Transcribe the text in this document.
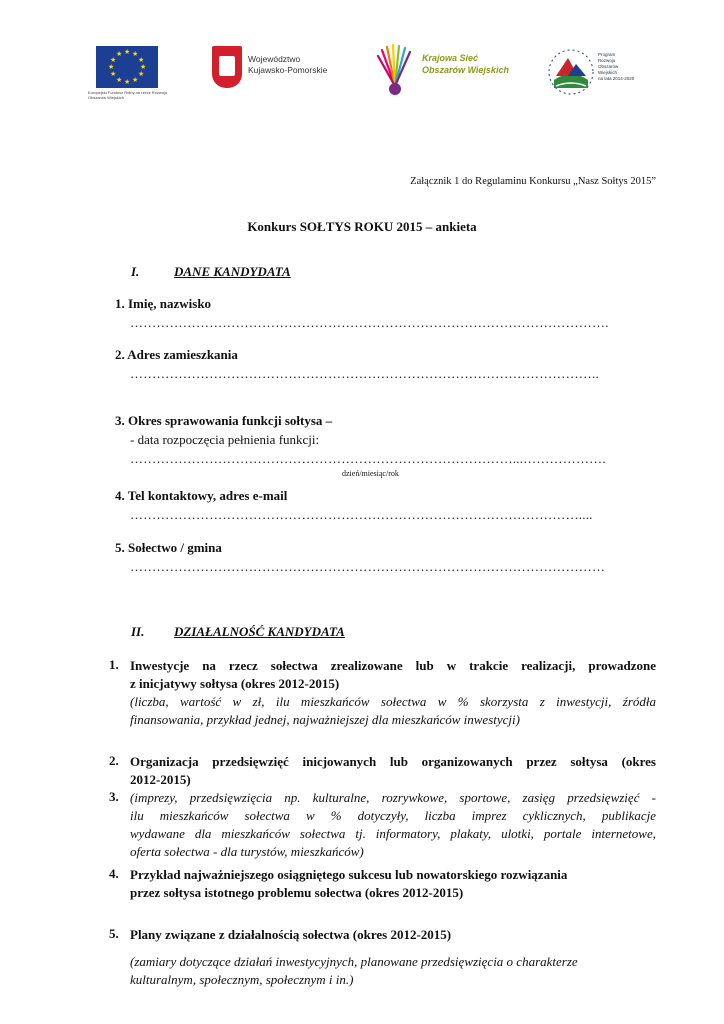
★ ★
★
★
★
★
★
★
★
★
★
★
Europejski Fundusz Rolny na rzecz Rozwoju Obszarów Wiejskich
Województwo
Kujawsko-Pomorskie
Krajowa Sieć
Obszarów Wiejskich
Program
Rozwoju
Obszarów
Wiejskich
na lata 2014-2020
Załącznik 1 do Regulaminu Konkursu „Nasz Sołtys 2015”
Konkurs SOŁTYS ROKU 2015 – ankieta
I.	DANE KANDYDATA
1. Imię, nazwisko
……………………………………………………………………………………………….
2. Adres zamieszkania
……………………………………………………………………………………………..
3. Okres sprawowania funkcji sołtysa –
- data rozpoczęcia pełnienia funkcji:
……………………………………………………………………………...……………….
dzień/miesiąc/rok
4. Tel kontaktowy, adres e-mail
…………………………………………………………………………………………....
5. Sołectwo / gmina
………………………………………………………………………………………………
II. DZIAŁALNOŚĆ KANDYDATA
1. Inwestycje na rzecz sołectwa zrealizowane lub w trakcie realizacji, prowadzone
z inicjatywy sołtysa (okres 2012-2015)
(liczba, wartość w zł, ilu mieszkańców sołectwa w % skorzysta z inwestycji, źródła
finansowania, przykład jednej, najważniejszej dla mieszkańców inwestycji)
2. Organizacja przedsięwzięć inicjowanych lub organizowanych przez sołtysa (okres
2012-2015)
3. (imprezy, przedsięwzięcia np. kulturalne, rozrywkowe, sportowe, zasięg przedsięwzięć -
ilu mieszkańców sołectwa w % dotyczyły, liczba imprez cyklicznych, publikacje
wydawane dla mieszkańców sołectwa tj. informatory, plakaty, ulotki, portale internetowe,
oferta sołectwa - dla turystów, mieszkańców)
4. Przykład najważniejszego osiągniętego sukcesu lub nowatorskiego rozwiązania
przez sołtysa istotnego problemu sołectwa (okres 2012-2015)
5. Plany związane z działalnością sołectwa (okres 2012-2015)
(zamiary dotyczące działań inwestycyjnych, planowane przedsięwzięcia o charakterze
kulturalnym, społecznym, społecznym i in.)
